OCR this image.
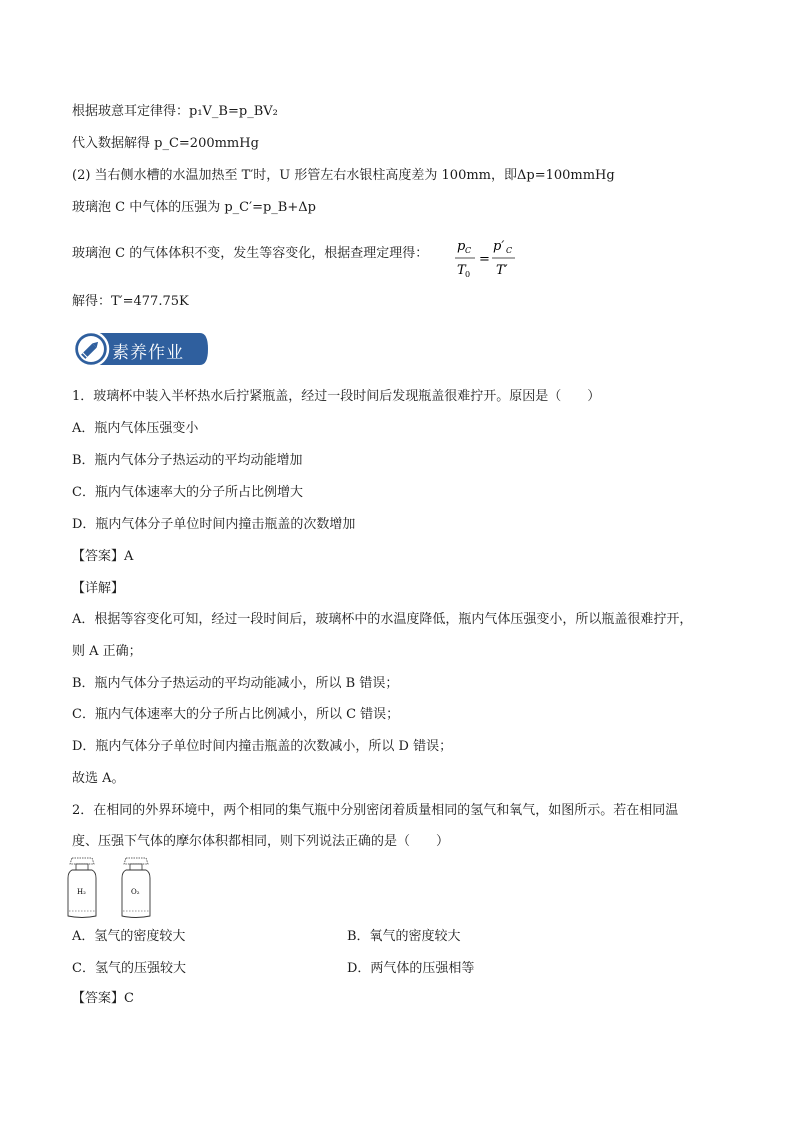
根据玻意耳定律得：p₁V_B=p_BV₂
代入数据解得 p_C=200mmHg
(2) 当右侧水槽的水温加热至 T′时，U 形管左右水银柱高度差为 100mm，即Δp=100mmHg
玻璃泡 C 中气体的压强为 p_C′=p_B+Δp
玻璃泡 C 的气体体积不变，发生等容变化，根据查理定理得： p C
T 0
=
p′ C
T′
解得：T′=477.75K
素养作业
1．玻璃杯中装入半杯热水后拧紧瓶盖，经过一段时间后发现瓶盖很难拧开。原因是（　　）
A．瓶内气体压强变小
B．瓶内气体分子热运动的平均动能增加
C．瓶内气体速率大的分子所占比例增大
D．瓶内气体分子单位时间内撞击瓶盖的次数增加
【答案】A
【详解】
A．根据等容变化可知，经过一段时间后，玻璃杯中的水温度降低，瓶内气体压强变小，所以瓶盖很难拧开，
则 A 正确；
B．瓶内气体分子热运动的平均动能减小，所以 B 错误；
C．瓶内气体速率大的分子所占比例减小，所以 C 错误；
D．瓶内气体分子单位时间内撞击瓶盖的次数减小，所以 D 错误；
故选 A。
2．在相同的外界环境中，两个相同的集气瓶中分别密闭着质量相同的氢气和氧气，如图所示。若在相同温
度、压强下气体的摩尔体积都相同，则下列说法正确的是（　　）
H₂	O₂
A．氢气的密度较大	B．氧气的密度较大
C．氢气的压强较大	D．两气体的压强相等
【答案】C
